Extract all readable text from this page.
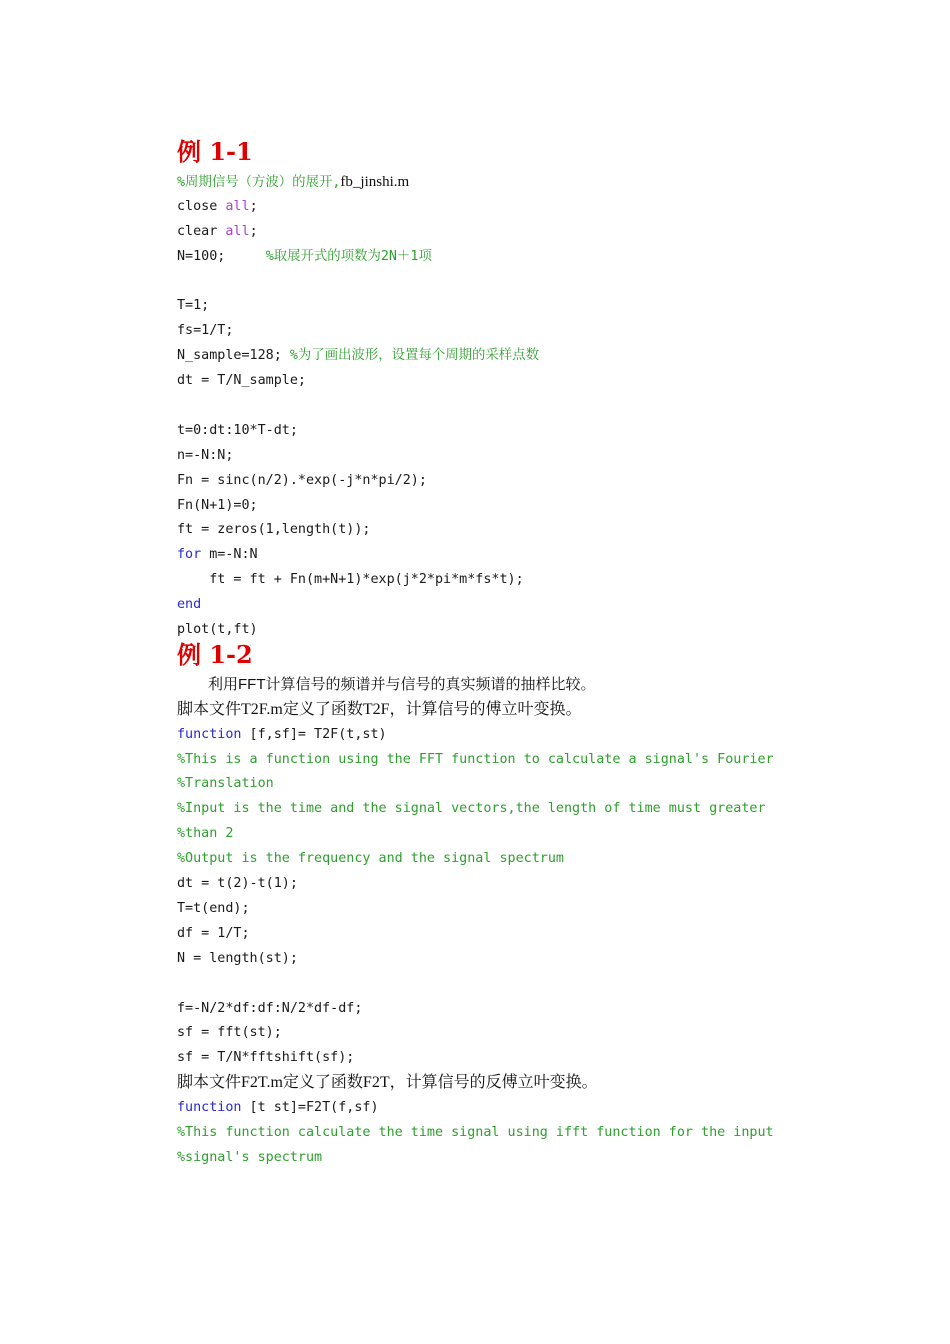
例 1-1
%周期信号（方波）的展开,fb_jinshi.m
close all;
clear all;
N=100;     %取展开式的项数为2N＋1项
T=1;
fs=1/T;
N_sample=128; %为了画出波形，设置每个周期的采样点数
dt = T/N_sample;
t=0:dt:10*T-dt;
n=-N:N;
Fn = sinc(n/2).*exp(-j*n*pi/2);
Fn(N+1)=0;
ft = zeros(1,length(t));
for m=-N:N
ft = ft + Fn(m+N+1)*exp(j*2*pi*m*fs*t);
end
plot(t,ft)
例 1-2
利用FFT计算信号的频谱并与信号的真实频谱的抽样比较。
脚本文件T2F.m定义了函数T2F，计算信号的傅立叶变换。
function [f,sf]= T2F(t,st)
%This is a function using the FFT function to calculate a signal's Fourier
%Translation
%Input is the time and the signal vectors,the length of time must greater
%than 2
%Output is the frequency and the signal spectrum
dt = t(2)-t(1);
T=t(end);
df = 1/T;
N = length(st);
f=-N/2*df:df:N/2*df-df;
sf = fft(st);
sf = T/N*fftshift(sf);
脚本文件F2T.m定义了函数F2T，计算信号的反傅立叶变换。
function [t st]=F2T(f,sf)
%This function calculate the time signal using ifft function for the input
%signal's spectrum
